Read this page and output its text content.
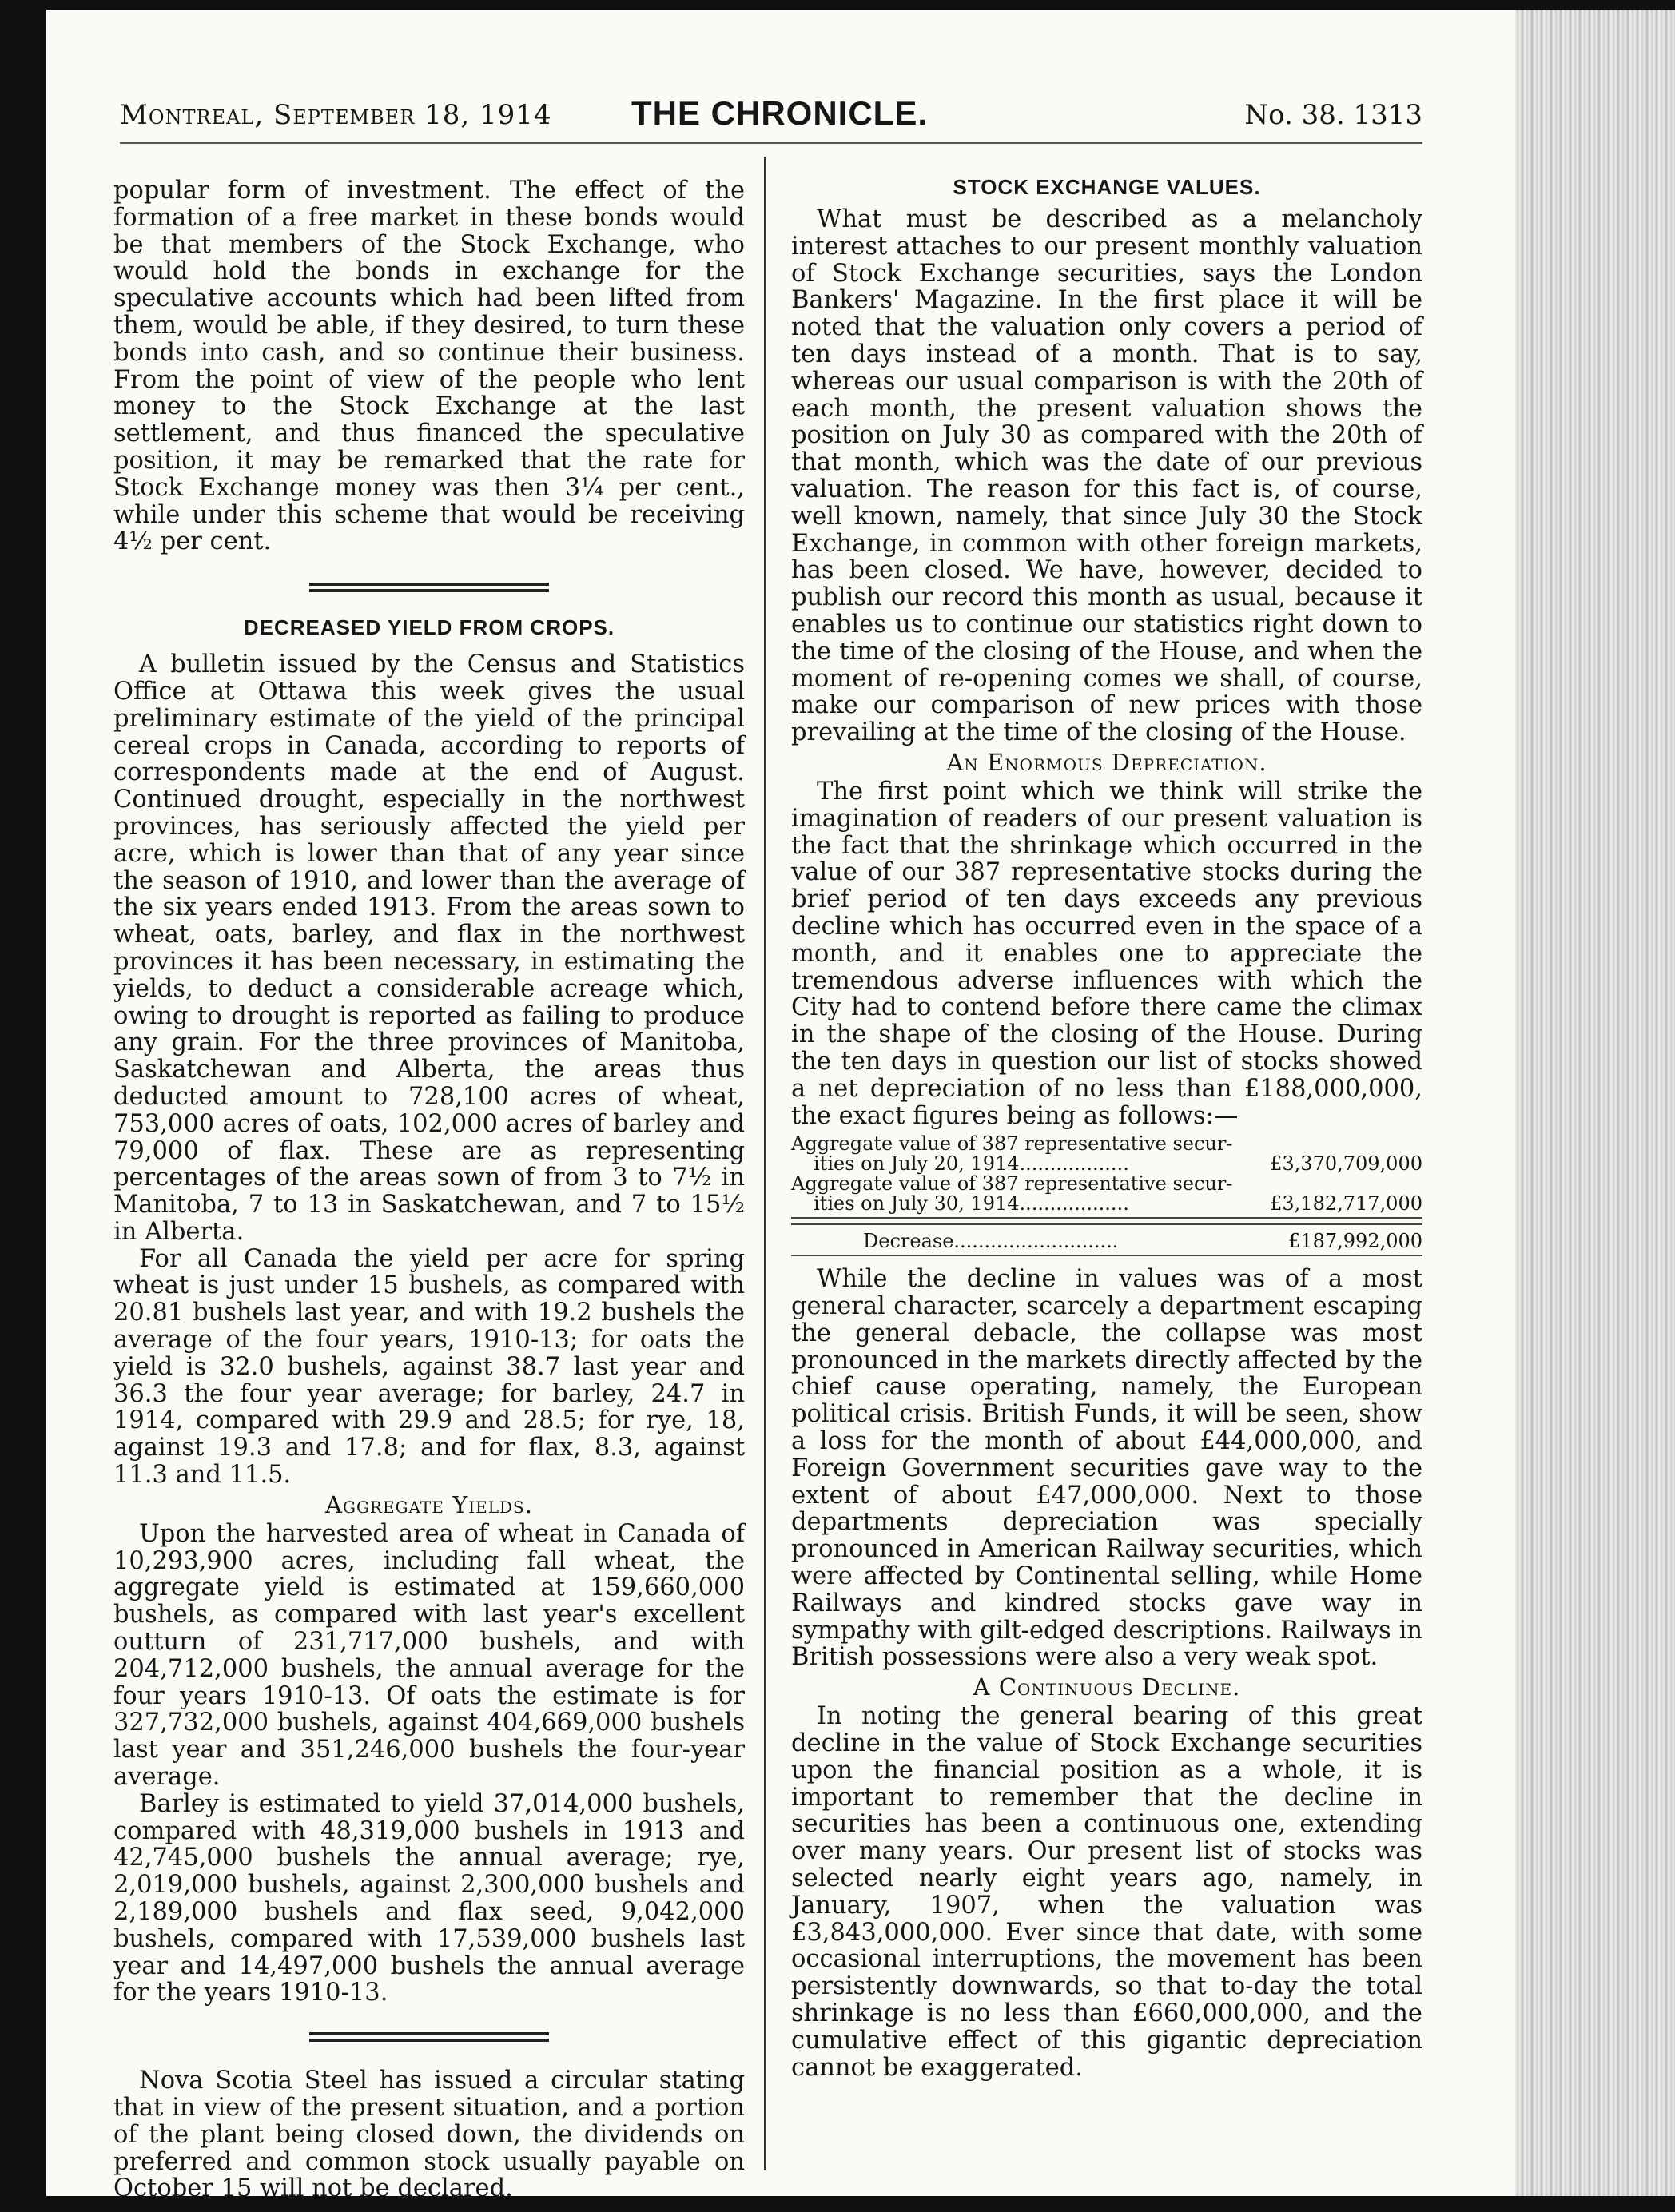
Montreal, September 18, 1914 THE CHRONICLE.	No. 38. 1313

popular form of investment. The effect of the formation of a free market in these bonds would be that members of the Stock Exchange, who would hold the bonds in exchange for the speculative accounts which had been lifted from them, would be able, if they desired, to turn these bonds into cash, and so continue their business. From the point of view of the people who lent money to the Stock Exchange at the last settlement, and thus financed the speculative position, it may be remarked that the rate for Stock Exchange money was then 3¼ per cent., while under this scheme that would be receiving 4½ per cent.

DECREASED YIELD FROM CROPS.

A bulletin issued by the Census and Statistics Office at Ottawa this week gives the usual preliminary estimate of the yield of the principal cereal crops in Canada, according to reports of correspondents made at the end of August. Continued drought, especially in the northwest provinces, has seriously affected the yield per acre, which is lower than that of any year since the season of 1910, and lower than the average of the six years ended 1913. From the areas sown to wheat, oats, barley, and flax in the northwest provinces it has been necessary, in estimating the yields, to deduct a considerable acreage which, owing to drought is reported as failing to produce any grain. For the three provinces of Manitoba, Saskatchewan and Alberta, the areas thus deducted amount to 728,100 acres of wheat, 753,000 acres of oats, 102,000 acres of barley and 79,000 of flax. These are as representing percentages of the areas sown of from 3 to 7½ in Manitoba, 7 to 13 in Saskatchewan, and 7 to 15½ in Alberta.

For all Canada the yield per acre for spring wheat is just under 15 bushels, as compared with 20.81 bushels last year, and with 19.2 bushels the average of the four years, 1910-13; for oats the yield is 32.0 bushels, against 38.7 last year and 36.3 the four year average; for barley, 24.7 in 1914, compared with 29.9 and 28.5; for rye, 18, against 19.3 and 17.8; and for flax, 8.3, against 11.3 and 11.5.

Aggregate Yields.

Upon the harvested area of wheat in Canada of 10,293,900 acres, including fall wheat, the aggregate yield is estimated at 159,660,000 bushels, as compared with last year's excellent outturn of 231,717,000 bushels, and with 204,712,000 bushels, the annual average for the four years 1910-13. Of oats the estimate is for 327,732,000 bushels, against 404,669,000 bushels last year and 351,246,000 bushels the four-year average.

Barley is estimated to yield 37,014,000 bushels, compared with 48,319,000 bushels in 1913 and 42,745,000 bushels the annual average; rye, 2,019,000 bushels, against 2,300,000 bushels and 2,189,000 bushels and flax seed, 9,042,000 bushels, compared with 17,539,000 bushels last year and 14,497,000 bushels the annual average for the years 1910-13.

Nova Scotia Steel has issued a circular stating that in view of the present situation, and a portion of the plant being closed down, the dividends on preferred and common stock usually payable on October 15 will not be declared.

STOCK EXCHANGE VALUES.

What must be described as a melancholy interest attaches to our present monthly valuation of Stock Exchange securities, says the London Bankers' Magazine. In the first place it will be noted that the valuation only covers a period of ten days instead of a month. That is to say, whereas our usual comparison is with the 20th of each month, the present valuation shows the position on July 30 as compared with the 20th of that month, which was the date of our previous valuation. The reason for this fact is, of course, well known, namely, that since July 30 the Stock Exchange, in common with other foreign markets, has been closed. We have, however, decided to publish our record this month as usual, because it enables us to continue our statistics right down to the time of the closing of the House, and when the moment of re-opening comes we shall, of course, make our comparison of new prices with those prevailing at the time of the closing of the House.

An Enormous Depreciation.

The first point which we think will strike the imagination of readers of our present valuation is the fact that the shrinkage which occurred in the value of our 387 representative stocks during the brief period of ten days exceeds any previous decline which has occurred even in the space of a month, and it enables one to appreciate the tremendous adverse influences with which the City had to contend before there came the climax in the shape of the closing of the House. During the ten days in question our list of stocks showed a net depreciation of no less than £188,000,000, the exact figures being as follows:—

Aggregate value of 387 representative secur-
ities on July 20, 1914..................	£3,370,709,000
Aggregate value of 387 representative secur-
ities on July 30, 1914..................	£3,182,717,000
Decrease...........................	£187,992,000

While the decline in values was of a most general character, scarcely a department escaping the general debacle, the collapse was most pronounced in the markets directly affected by the chief cause operating, namely, the European political crisis. British Funds, it will be seen, show a loss for the month of about £44,000,000, and Foreign Government securities gave way to the extent of about £47,000,000. Next to those departments depreciation was specially pronounced in American Railway securities, which were affected by Continental selling, while Home Railways and kindred stocks gave way in sympathy with gilt-edged descriptions. Railways in British possessions were also a very weak spot.

A Continuous Decline.

In noting the general bearing of this great decline in the value of Stock Exchange securities upon the financial position as a whole, it is important to remember that the decline in securities has been a continuous one, extending over many years. Our present list of stocks was selected nearly eight years ago, namely, in January, 1907, when the valuation was £3,843,000,000. Ever since that date, with some occasional interruptions, the movement has been persistently downwards, so that to-day the total shrinkage is no less than £660,000,000, and the cumulative effect of this gigantic depreciation cannot be exaggerated.
